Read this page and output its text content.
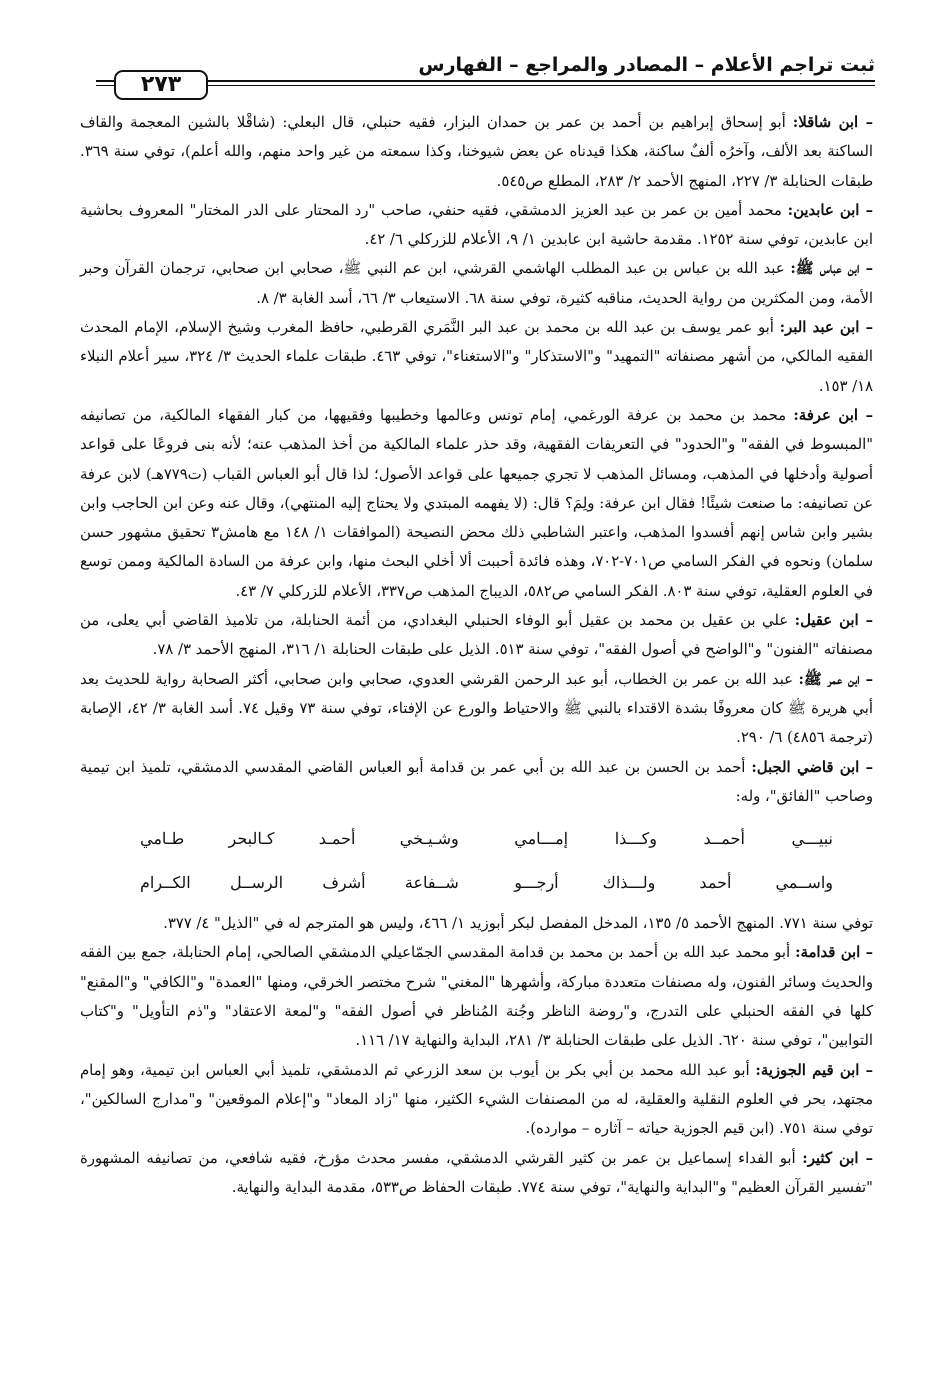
ثبت تراجم الأعلام – المصادر والمراجع – الفهارس
٢٧٣

– ابن شاقلا: أبو إسحاق إبراهيم بن أحمد بن عمر بن حمدان البزار، فقيه حنبلي، قال البعلي: (شاقْلا بالشين المعجمة والقاف الساكنة بعد الألف، وآخرُه ألفٌ ساكنة، هكذا قيدناه عن بعض شيوخنا، وكذا سمعته من غير واحد منهم، والله أعلم)، توفي سنة ٣٦٩. طبقات الحنابلة ٣/ ٢٢٧، المنهج الأحمد ٢/ ٢٨٣، المطلع ص٥٤٥.

– ابن عابدين: محمد أمين بن عمر بن عبد العزيز الدمشقي، فقيه حنفي، صاحب "رد المحتار على الدر المختار" المعروف بحاشية ابن عابدين، توفي سنة ١٢٥٢. مقدمة حاشية ابن عابدين ١/ ٩، الأعلام للزركلي ٦/ ٤٢.

– ابن عباس ﷺ: عبد الله بن عباس بن عبد المطلب الهاشمي القرشي، ابن عم النبي ﷺ، صحابي ابن صحابي، ترجمان القرآن وحبر الأمة، ومن المكثرين من رواية الحديث، مناقبه كثيرة، توفي سنة ٦٨. الاستيعاب ٣/ ٦٦، أسد الغابة ٣/ ٨.

– ابن عبد البر: أبو عمر يوسف بن عبد الله بن محمد بن عبد البر النَّمَري القرطبي، حافظ المغرب وشيخ الإسلام، الإمام المحدث الفقيه المالكي، من أشهر مصنفاته "التمهيد" و"الاستذكار" و"الاستغناء"، توفي ٤٦٣. طبقات علماء الحديث ٣/ ٣٢٤، سير أعلام النبلاء ١٨/ ١٥٣.

– ابن عرفة: محمد بن محمد بن عرفة الورغمي، إمام تونس وعالمها وخطيبها وفقيهها، من كبار الفقهاء المالكية، من تصانيفه "المبسوط في الفقه" و"الحدود" في التعريفات الفقهية، وقد حذر علماء المالكية من أخذ المذهب عنه؛ لأنه بنى فروعًا على قواعد أصولية وأدخلها في المذهب، ومسائل المذهب لا تجري جميعها على قواعد الأصول؛ لذا قال أبو العباس القباب (ت٧٧٩هـ) لابن عرفة عن تصانيفه: ما صنعت شيئًا! فقال ابن عرفة: ولِمَ؟ قال: (لا يفهمه المبتدي ولا يحتاج إليه المنتهي)، وقال عنه وعن ابن الحاجب وابن بشير وابن شاس إنهم أفسدوا المذهب، واعتبر الشاطبي ذلك محض النصيحة (الموافقات ١/ ١٤٨ مع هامش٣ تحقيق مشهور حسن سلمان) ونحوه في الفكر السامي ص٧٠١-٧٠٢، وهذه فائدة أحببت ألا أخلي البحث منها، وابن عرفة من السادة المالكية وممن توسع في العلوم العقلية، توفي سنة ٨٠٣. الفكر السامي ص٥٨٢، الديباج المذهب ص٣٣٧، الأعلام للزركلي ٧/ ٤٣.

– ابن عقيل: علي بن عقيل بن محمد بن عقيل أبو الوفاء الحنبلي البغدادي، من أئمة الحنابلة، من تلاميذ القاضي أبي يعلى، من مصنفاته "الفنون" و"الواضح في أصول الفقه"، توفي سنة ٥١٣. الذيل على طبقات الحنابلة ١/ ٣١٦، المنهج الأحمد ٣/ ٧٨.

– ابن عمر ﷺ: عبد الله بن عمر بن الخطاب، أبو عبد الرحمن القرشي العدوي، صحابي وابن صحابي، أكثر الصحابة رواية للحديث بعد أبي هريرة ﷺ كان معروفًا بشدة الاقتداء بالنبي ﷺ والاحتياط والورع عن الإفتاء، توفي سنة ٧٣ وقيل ٧٤. أسد الغابة ٣/ ٤٢، الإصابة (ترجمة ٤٨٥٦) ٦/ ٢٩٠.

– ابن قاضي الجبل: أحمد بن الحسن بن عبد الله بن أبي عمر بن قدامة أبو العباس القاضي المقدسي الدمشقي، تلميذ ابن تيمية وصاحب "الفائق"، وله:

نبيـــي أحمــد وكـــذا إمـــامي
وشـيـخي أحمـد كـالبحر طـامي
واســمي أحمد ولـــذاك أرجـــو
شــفاعة أشرف الرســل الكــرام

توفي سنة ٧٧١. المنهج الأحمد ٥/ ١٣٥، المدخل المفصل لبكر أبوزيد ١/ ٤٦٦، وليس هو المترجم له في "الذيل" ٤/ ٣٧٧.

– ابن قدامة: أبو محمد عبد الله بن أحمد بن محمد بن قدامة المقدسي الجمّاعيلي الدمشقي الصالحي، إمام الحنابلة، جمع بين الفقه والحديث وسائر الفنون، وله مصنفات متعددة مباركة، وأشهرها "المغني" شرح مختصر الخرقي، ومنها "العمدة" و"الكافي" و"المقنع" كلها في الفقه الحنبلي على التدرج، و"روضة الناظر وجُنة المُناظر في أصول الفقه" و"لمعة الاعتقاد" و"ذم التأويل" و"كتاب التوابين"، توفي سنة ٦٢٠. الذيل على طبقات الحنابلة ٣/ ٢٨١، البداية والنهاية ١٧/ ١١٦.

– ابن قيم الجوزية: أبو عبد الله محمد بن أبي بكر بن أيوب بن سعد الزرعي ثم الدمشقي، تلميذ أبي العباس ابن تيمية، وهو إمام مجتهد، بحر في العلوم النقلية والعقلية، له من المصنفات الشيء الكثير، منها "زاد المعاد" و"إعلام الموقعين" و"مدارج السالكين"، توفي سنة ٧٥١. (ابن قيم الجوزية حياته – آثاره – موارده).

– ابن كثير: أبو الفداء إسماعيل بن عمر بن كثير القرشي الدمشقي، مفسر محدث مؤرخ، فقيه شافعي، من تصانيفه المشهورة "تفسير القرآن العظيم" و"البداية والنهاية"، توفي سنة ٧٧٤. طبقات الحفاظ ص٥٣٣، مقدمة البداية والنهاية.
